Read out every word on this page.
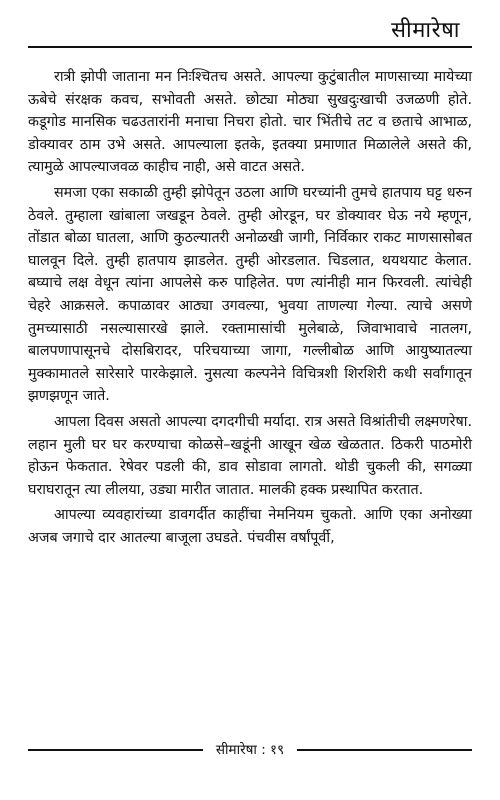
सीमारेषा

रात्री झोपी जाताना मन निःश्चितच असते. आपल्या कुटुंबातील माणसाच्या मायेच्या ऊबेचे संरक्षक कवच, सभोवती असते. छोट्या मोठ्या सुखदुःखाची उजळणी होते. कडूगोड मानसिक चढउतारांनी मनाचा निचरा होतो. चार भिंतीचे तट व छताचे आभाळ, डोक्यावर ठाम उभे असते. आपल्याला इतके, इतक्या प्रमाणात मिळालेले असते की, त्यामुळे आपल्याजवळ काहीच नाही, असे वाटत असते.

समजा एका सकाळी तुम्ही झोपेतून उठला आणि घरच्यांनी तुमचे हातपाय घट्ट धरुन ठेवले. तुम्हाला खांबाला जखडून ठेवले. तुम्ही ओरडून, घर डोक्यावर घेऊ नये म्हणून, तोंडात बोळा घातला, आणि कुठल्यातरी अनोळखी जागी, निर्विकार राकट माणसासोबत घालवून दिले. तुम्ही हातपाय झाडलेत. तुम्ही ओरडलात. चिडलात, थयथयाट केलात. बघ्याचे लक्ष वेधून त्यांना आपलेसे करु पाहिलेत. पण त्यांनीही मान फिरवली. त्यांचेही चेहरे आक्रसले. कपाळावर आठ्या उगवल्या, भुवया ताणल्या गेल्या. त्याचे असणे तुमच्यासाठी नसल्यासारखे झाले. रक्तामासांची मुलेबाळे, जिवाभावाचे नातलग, बालपणापासूनचे दोसबिरादर, परिचयाच्या जागा, गल्लीबोळ आणि आयुष्यातल्या मुक्कामातले सारेसारे पारकेझाले. नुसत्या कल्पनेने विचित्रशी शिरशिरी कधी सर्वांगातून झणझणून जाते.

आपला दिवस असतो आपल्या दगदगीची मर्यादा. रात्र असते विश्रांतीची लक्ष्मणरेषा. लहान मुली घर घर करण्याचा कोळसे–खडूंनी आखून खेळ खेळतात. ठिकरी पाठमोरी होऊन फेकतात. रेषेवर पडली की, डाव सोडावा लागतो. थोडी चुकली की, सगळ्या घराघरातून त्या लीलया, उड्या मारीत जातात. मालकी हक्क प्रस्थापित करतात.

आपल्या व्यवहारांच्या डावगर्दीत काहींचा नेमनियम चुकतो. आणि एका अनोख्या अजब जगाचे दार आतल्या बाजूला उघडते. पंचवीस वर्षांपूर्वी,

सीमारेषा : १९
